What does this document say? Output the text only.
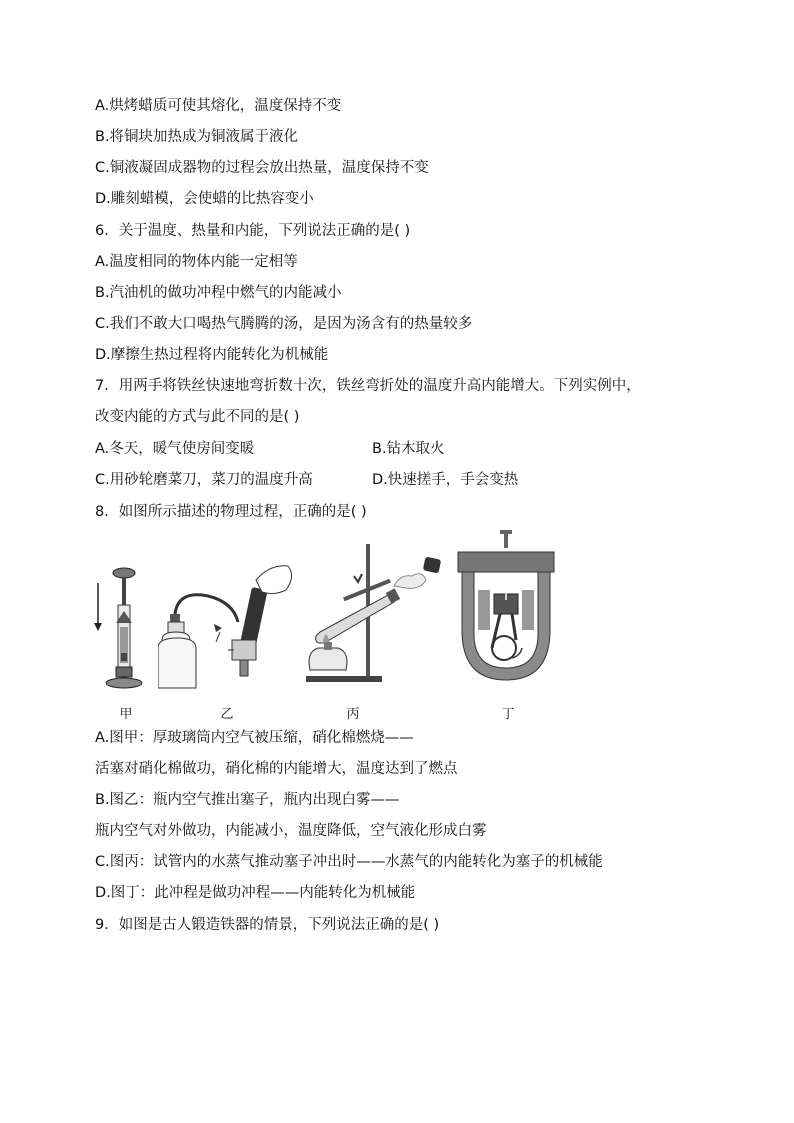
A.烘烤蜡质可使其熔化，温度保持不变
B.将铜块加热成为铜液属于液化
C.铜液凝固成器物的过程会放出热量，温度保持不变
D.雕刻蜡模，会使蜡的比热容变小
6．关于温度、热量和内能，下列说法正确的是( )
A.温度相同的物体内能一定相等
B.汽油机的做功冲程中燃气的内能减小
C.我们不敢大口喝热气腾腾的汤，是因为汤含有的热量较多
D.摩擦生热过程将内能转化为机械能
7．用两手将铁丝快速地弯折数十次，铁丝弯折处的温度升高内能增大。下列实例中，
改变内能的方式与此不同的是( )
A.冬天，暖气使房间变暖	B.钻木取火
C.用砂轮磨菜刀，菜刀的温度升高	D.快速搓手，手会变热
8．如图所示描述的物理过程，正确的是( )
甲	乙	丙	丁
A.图甲：厚玻璃筒内空气被压缩，硝化棉燃烧——
活塞对硝化棉做功，硝化棉的内能增大，温度达到了燃点
B.图乙：瓶内空气推出塞子，瓶内出现白雾——
瓶内空气对外做功，内能减小，温度降低，空气液化形成白雾
C.图丙：试管内的水蒸气推动塞子冲出时——水蒸气的内能转化为塞子的机械能
D.图丁：此冲程是做功冲程——内能转化为机械能
9．如图是古人锻造铁器的情景，下列说法正确的是( )
